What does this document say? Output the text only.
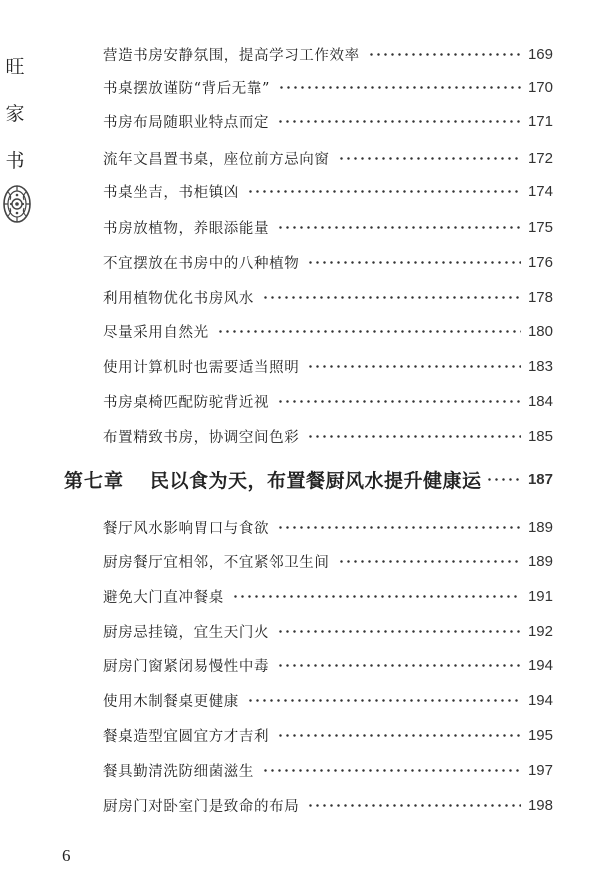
旺
家
书
营造书房安静氛围，提高学习工作效率	169
书桌摆放谨防“背后无靠”	170
书房布局随职业特点而定	171
流年文昌置书桌，座位前方忌向窗	172
书桌坐吉，书柜镇凶	174
书房放植物，养眼添能量	175
不宜摆放在书房中的八种植物	176
利用植物优化书房风水	178
尽量采用自然光	180
使用计算机时也需要适当照明	183
书房桌椅匹配防驼背近视	184
布置精致书房，协调空间色彩	185
第七章 民以食为天，布置餐厨风水提升健康运	187
餐厅风水影响胃口与食欲	189
厨房餐厅宜相邻，不宜紧邻卫生间	189
避免大门直冲餐桌	191
厨房忌挂镜，宜生天门火	192
厨房门窗紧闭易慢性中毒	194
使用木制餐桌更健康	194
餐桌造型宜圆宜方才吉利	195
餐具勤清洗防细菌滋生	197
厨房门对卧室门是致命的布局	198
6
